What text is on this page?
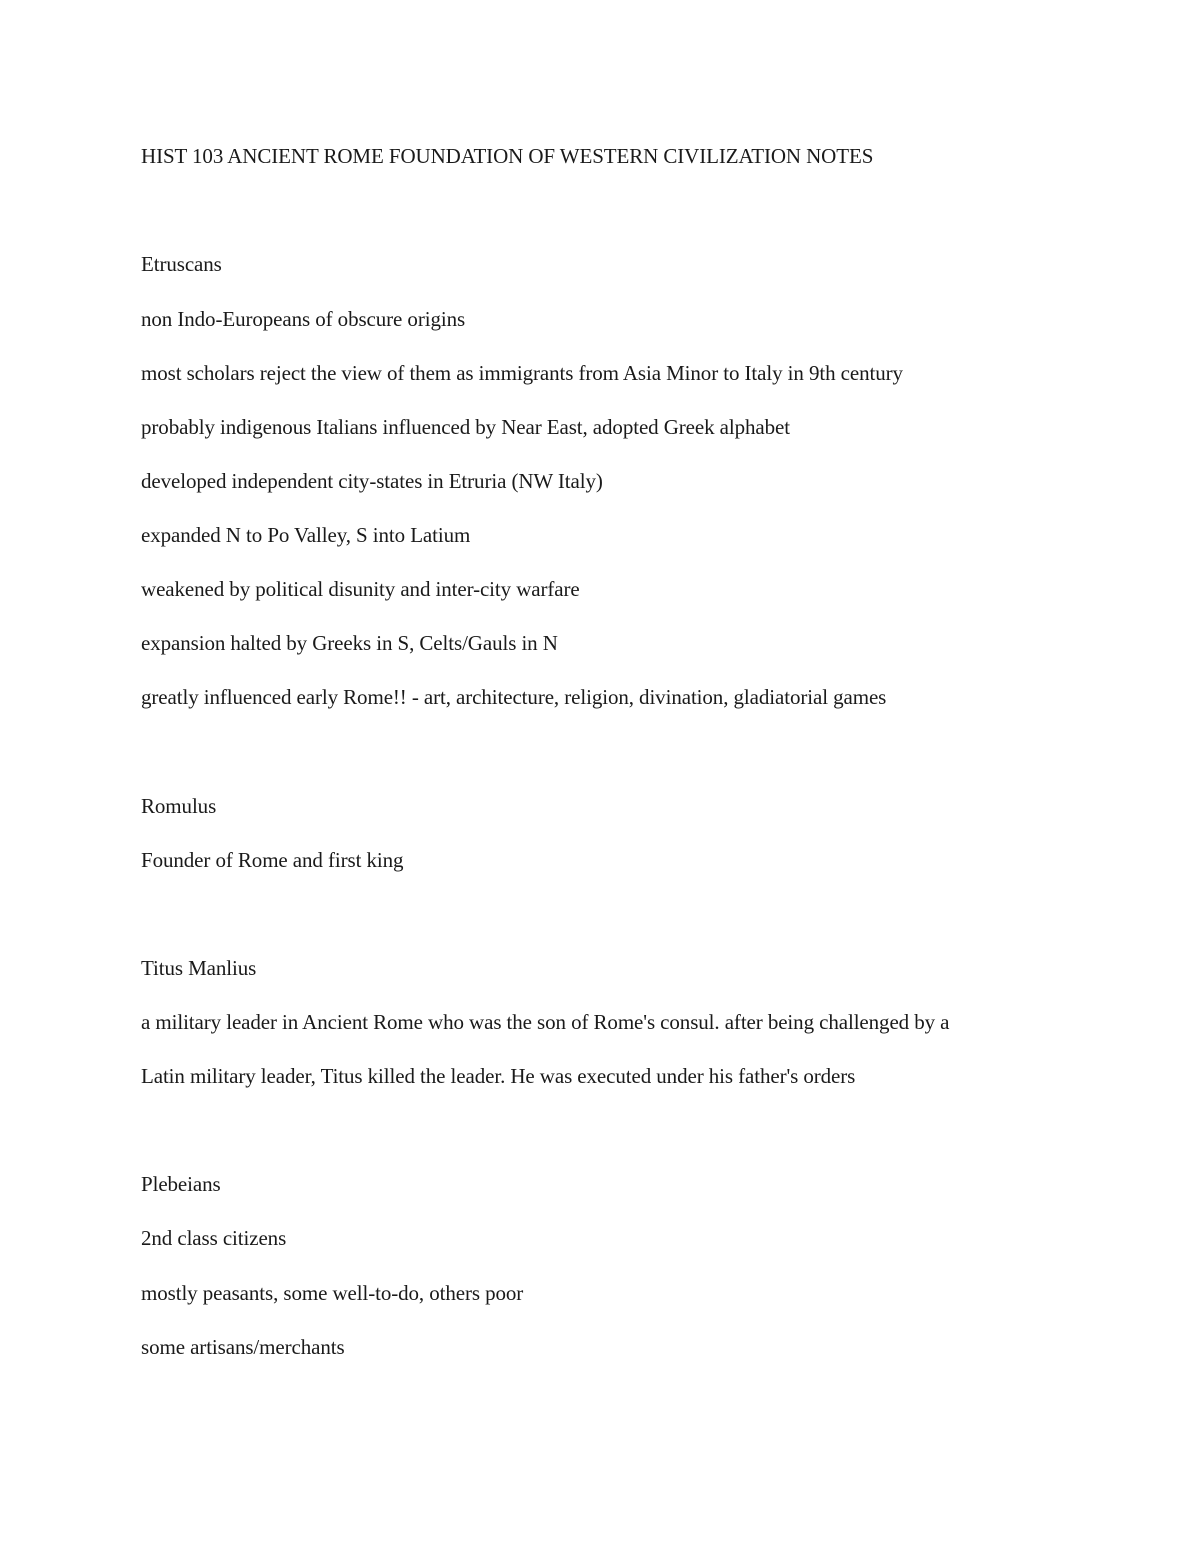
HIST 103 ANCIENT ROME FOUNDATION OF WESTERN CIVILIZATION NOTES
Etruscans
non Indo-Europeans of obscure origins
most scholars reject the view of them as immigrants from Asia Minor to Italy in 9th century
probably indigenous Italians influenced by Near East, adopted Greek alphabet
developed independent city-states in Etruria (NW Italy)
expanded N to Po Valley, S into Latium
weakened by political disunity and inter-city warfare
expansion halted by Greeks in S, Celts/Gauls in N
greatly influenced early Rome!! - art, architecture, religion, divination, gladiatorial games
Romulus
Founder of Rome and first king
Titus Manlius
a military leader in Ancient Rome who was the son of Rome's consul. after being challenged by a
Latin military leader, Titus killed the leader. He was executed under his father's orders
Plebeians
2nd class citizens
mostly peasants, some well-to-do, others poor
some artisans/merchants
